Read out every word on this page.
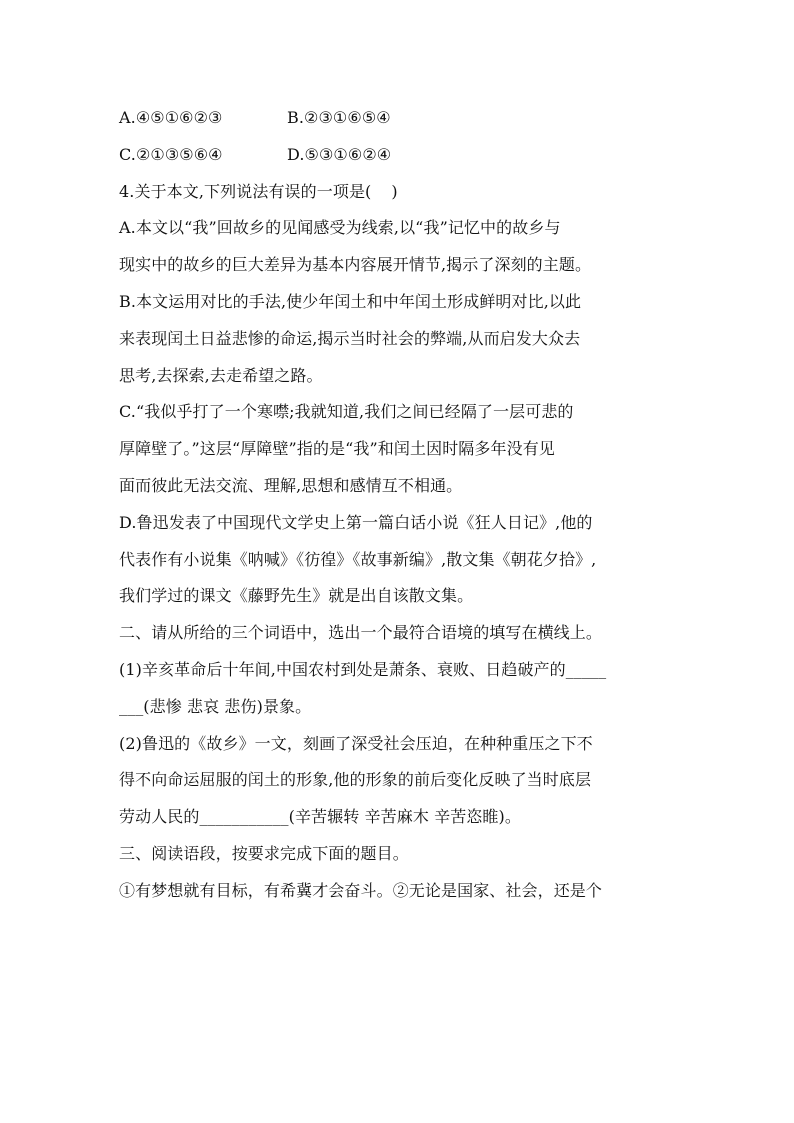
A.④⑤①⑥②③	B.②③①⑥⑤④
C.②①③⑤⑥④	D.⑤③①⑥②④
4.关于本文,下列说法有误的一项是( )
A.本文以“我”回故乡的见闻感受为线索,以“我”记忆中的故乡与
现实中的故乡的巨大差异为基本内容展开情节,揭示了深刻的主题。
B.本文运用对比的手法,使少年闰土和中年闰土形成鲜明对比,以此
来表现闰土日益悲惨的命运,揭示当时社会的弊端,从而启发大众去
思考,去探索,去走希望之路。
C.“我似乎打了一个寒噤;我就知道,我们之间已经隔了一层可悲的
厚障壁了。”这层“厚障壁”指的是“我”和闰土因时隔多年没有见
面而彼此无法交流、理解,思想和感情互不相通。
D.鲁迅发表了中国现代文学史上第一篇白话小说《狂人日记》,他的
代表作有小说集《呐喊》《彷徨》《故事新编》,散文集《朝花夕拾》,
我们学过的课文《藤野先生》就是出自该散文集。
二、请从所给的三个词语中，选出一个最符合语境的填写在横线上。
(1)辛亥革命后十年间,中国农村到处是萧条、衰败、日趋破产的_____
___(悲惨 悲哀 悲伤)景象。
(2)鲁迅的《故乡》一文，刻画了深受社会压迫，在种种重压之下不
得不向命运屈服的闰土的形象,他的形象的前后变化反映了当时底层
劳动人民的___________(辛苦辗转 辛苦麻木 辛苦恣睢)。
三、阅读语段，按要求完成下面的题目。
①有梦想就有目标，有希冀才会奋斗。②无论是国家、社会，还是个
